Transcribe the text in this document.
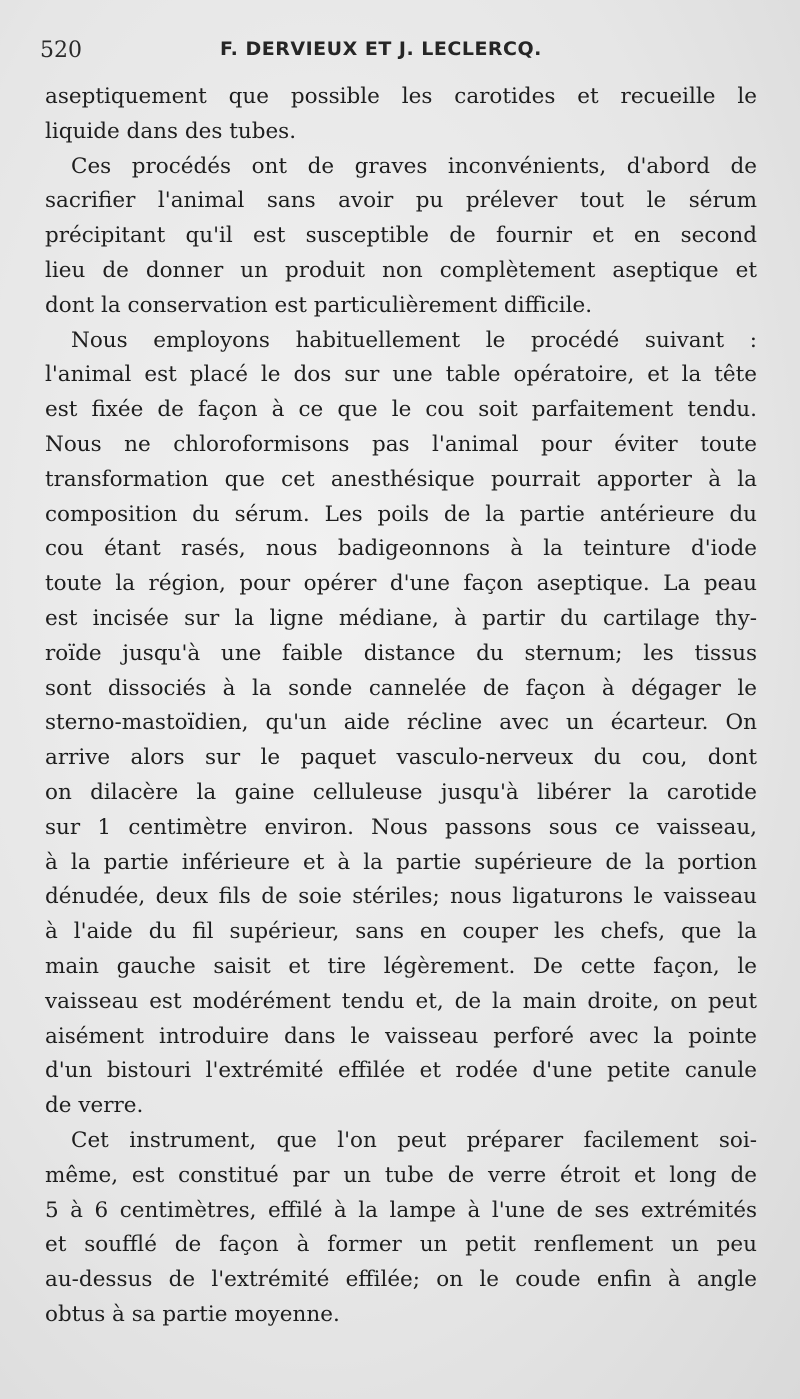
520	F. DERVIEUX ET J. LECLERCQ.
aseptiquement que possible les carotides et recueille le
liquide dans des tubes.
Ces procédés ont de graves inconvénients, d'abord de
sacrifier l'animal sans avoir pu prélever tout le sérum
précipitant qu'il est susceptible de fournir et en second
lieu de donner un produit non complètement aseptique et
dont la conservation est particulièrement difficile.
Nous employons habituellement le procédé suivant :
l'animal est placé le dos sur une table opératoire, et la tête
est fixée de façon à ce que le cou soit parfaitement tendu.
Nous ne chloroformisons pas l'animal pour éviter toute
transformation que cet anesthésique pourrait apporter à la
composition du sérum. Les poils de la partie antérieure du
cou étant rasés, nous badigeonnons à la teinture d'iode
toute la région, pour opérer d'une façon aseptique. La peau
est incisée sur la ligne médiane, à partir du cartilage thy-
roïde jusqu'à une faible distance du sternum; les tissus
sont dissociés à la sonde cannelée de façon à dégager le
sterno-mastoïdien, qu'un aide récline avec un écarteur. On
arrive alors sur le paquet vasculo-nerveux du cou, dont
on dilacère la gaine celluleuse jusqu'à libérer la carotide
sur 1 centimètre environ. Nous passons sous ce vaisseau,
à la partie inférieure et à la partie supérieure de la portion
dénudée, deux fils de soie stériles; nous ligaturons le vaisseau
à l'aide du fil supérieur, sans en couper les chefs, que la
main gauche saisit et tire légèrement. De cette façon, le
vaisseau est modérément tendu et, de la main droite, on peut
aisément introduire dans le vaisseau perforé avec la pointe
d'un bistouri l'extrémité effilée et rodée d'une petite canule
de verre.
Cet instrument, que l'on peut préparer facilement soi-
même, est constitué par un tube de verre étroit et long de
5 à 6 centimètres, effilé à la lampe à l'une de ses extrémités
et soufflé de façon à former un petit renflement un peu
au-dessus de l'extrémité effilée; on le coude enfin à angle
obtus à sa partie moyenne.
